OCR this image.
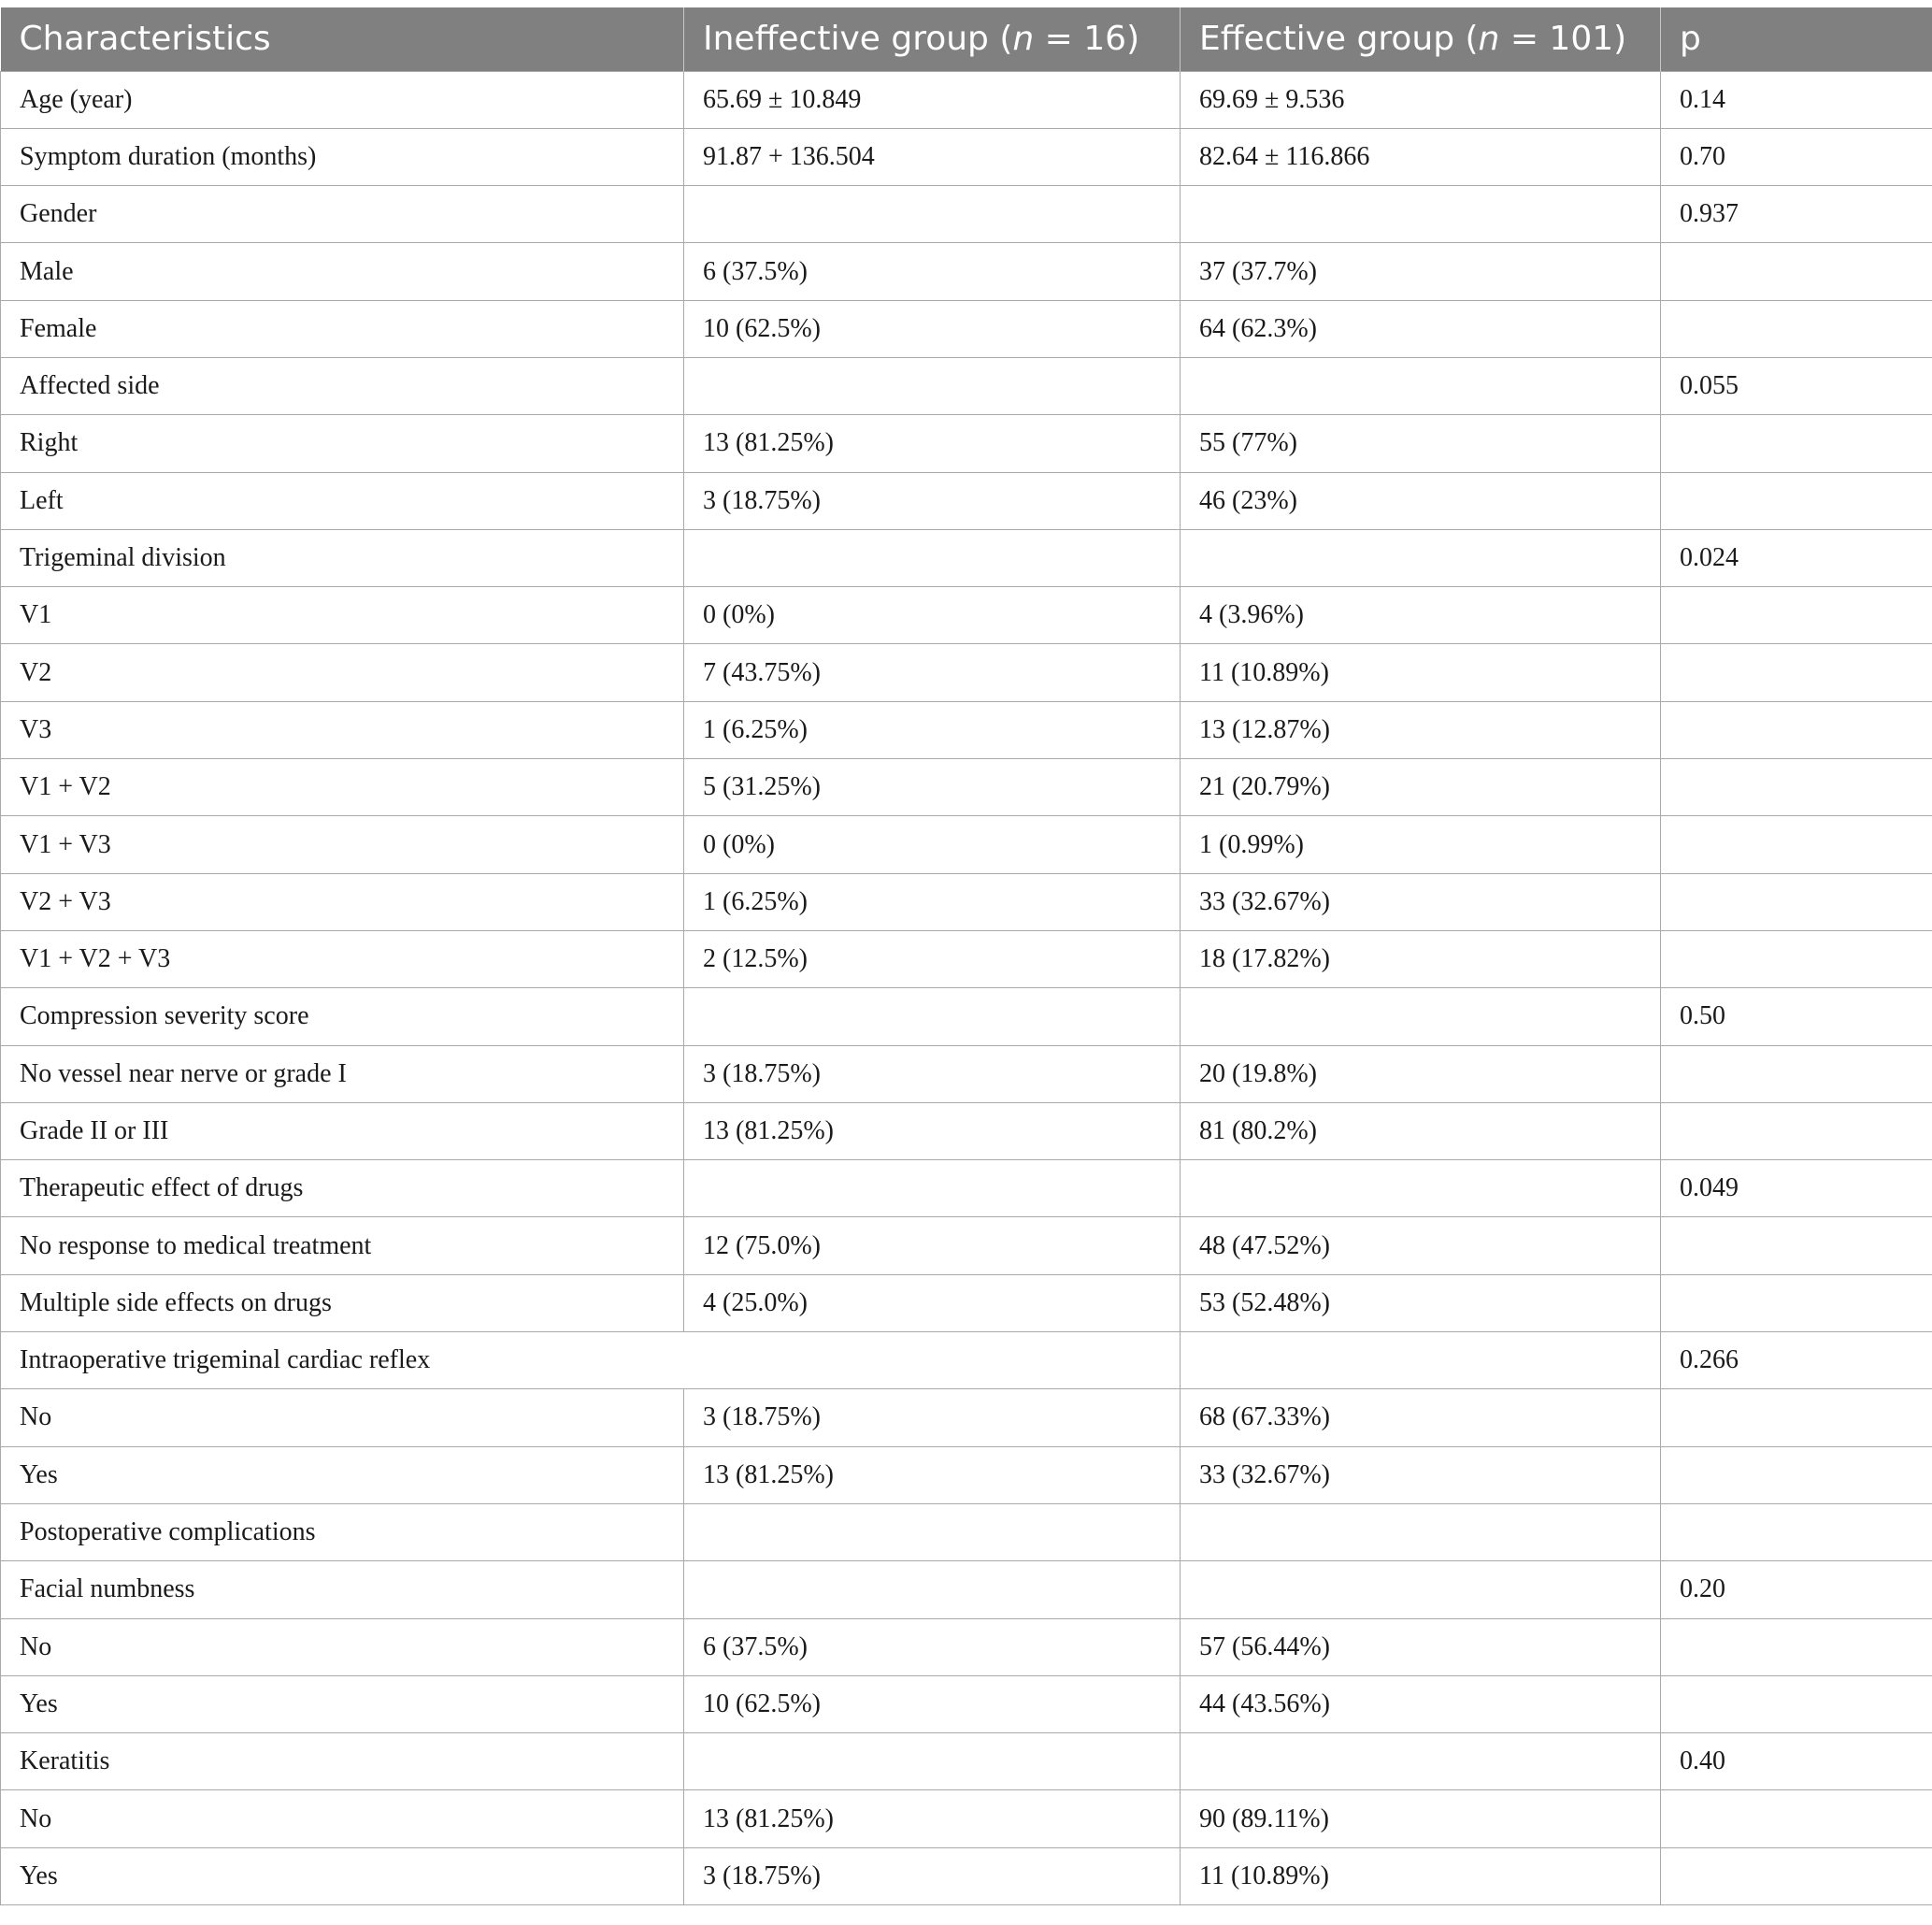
Characteristics	Ineffective group (n = 16)	Effective group (n = 101)	p
Age (year)	65.69 ± 10.849	69.69 ± 9.536	0.14
Symptom duration (months)	91.87 + 136.504	82.64 ± 116.866	0.70
Gender			0.937
Male	6 (37.5%)	37 (37.7%)	
Female	10 (62.5%)	64 (62.3%)	
Affected side			0.055
Right	13 (81.25%)	55 (77%)	
Left	3 (18.75%)	46 (23%)	
Trigeminal division			0.024
V1	0 (0%)	4 (3.96%)	
V2	7 (43.75%)	11 (10.89%)	
V3	1 (6.25%)	13 (12.87%)	
V1 + V2	5 (31.25%)	21 (20.79%)	
V1 + V3	0 (0%)	1 (0.99%)	
V2 + V3	1 (6.25%)	33 (32.67%)	
V1 + V2 + V3	2 (12.5%)	18 (17.82%)	
Compression severity score			0.50
No vessel near nerve or grade I	3 (18.75%)	20 (19.8%)	
Grade II or III	13 (81.25%)	81 (80.2%)	
Therapeutic effect of drugs			0.049
No response to medical treatment	12 (75.0%)	48 (47.52%)	
Multiple side effects on drugs	4 (25.0%)	53 (52.48%)	
Intraoperative trigeminal cardiac reflex			0.266
No	3 (18.75%)	68 (67.33%)	
Yes	13 (81.25%)	33 (32.67%)	
Postoperative complications			
Facial numbness			0.20
No	6 (37.5%)	57 (56.44%)	
Yes	10 (62.5%)	44 (43.56%)	
Keratitis			0.40
No	13 (81.25%)	90 (89.11%)	
Yes	3 (18.75%)	11 (10.89%)	
